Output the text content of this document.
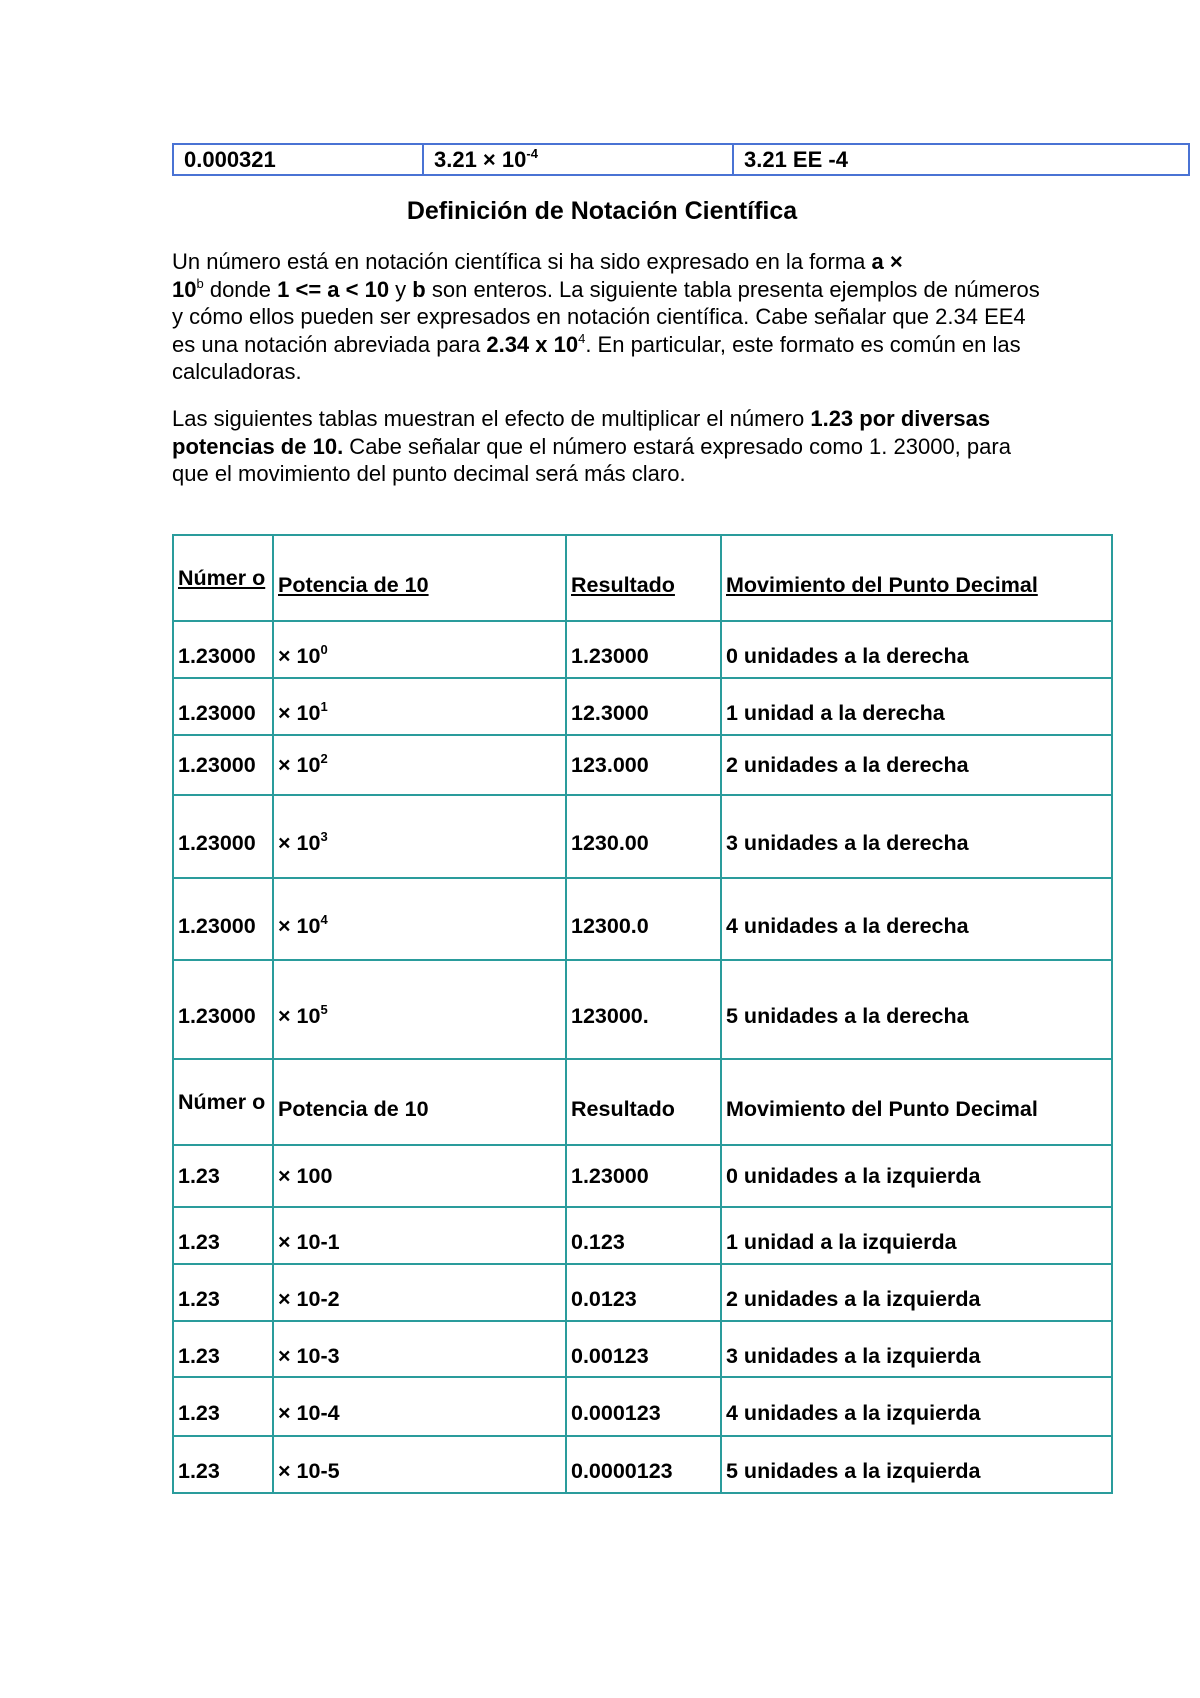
0.000321	$3.21 \times 10^{-4}$	3.21 EE -4
Definición de Notación Científica

Un número está en notación científica si ha sido expresado en la forma a ×
$10^b$ donde 1 <= a < 10 y b son enteros. La siguiente tabla presenta ejemplos de números y cómo ellos pueden ser expresados en notación científica. Cabe señalar que 2.34 EE4 es una notación abreviada para 2.34 x $10^4$. En particular, este formato es común en las calculadoras.

Las siguientes tablas muestran el efecto de multiplicar el número 1.23 por diversas potencias de 10. Cabe señalar que el número estará expresado como 1. 23000, para que el movimiento del punto decimal será más claro.

Númer o	Potencia de 10	Resultado	Movimiento del Punto Decimal
1.23000	× $10^0$	1.23000	0 unidades a la derecha
1.23000	× $10^1$	12.3000	1 unidad a la derecha
1.23000	× $10^2$	123.000	2 unidades a la derecha
1.23000	× $10^3$	1230.00	3 unidades a la derecha
1.23000	× $10^4$	12300.0	4 unidades a la derecha
1.23000	× $10^5$	123000.	5 unidades a la derecha
Númer o	Potencia de 10	Resultado	Movimiento del Punto Decimal
1.23	× 100	1.23000	0 unidades a la izquierda
1.23	× 10-1	0.123	1 unidad a la izquierda
1.23	× 10-2	0.0123	2 unidades a la izquierda
1.23	× 10-3	0.00123	3 unidades a la izquierda
1.23	× 10-4	0.000123	4 unidades a la izquierda
1.23	× 10-5	0.0000123	5 unidades a la izquierda
